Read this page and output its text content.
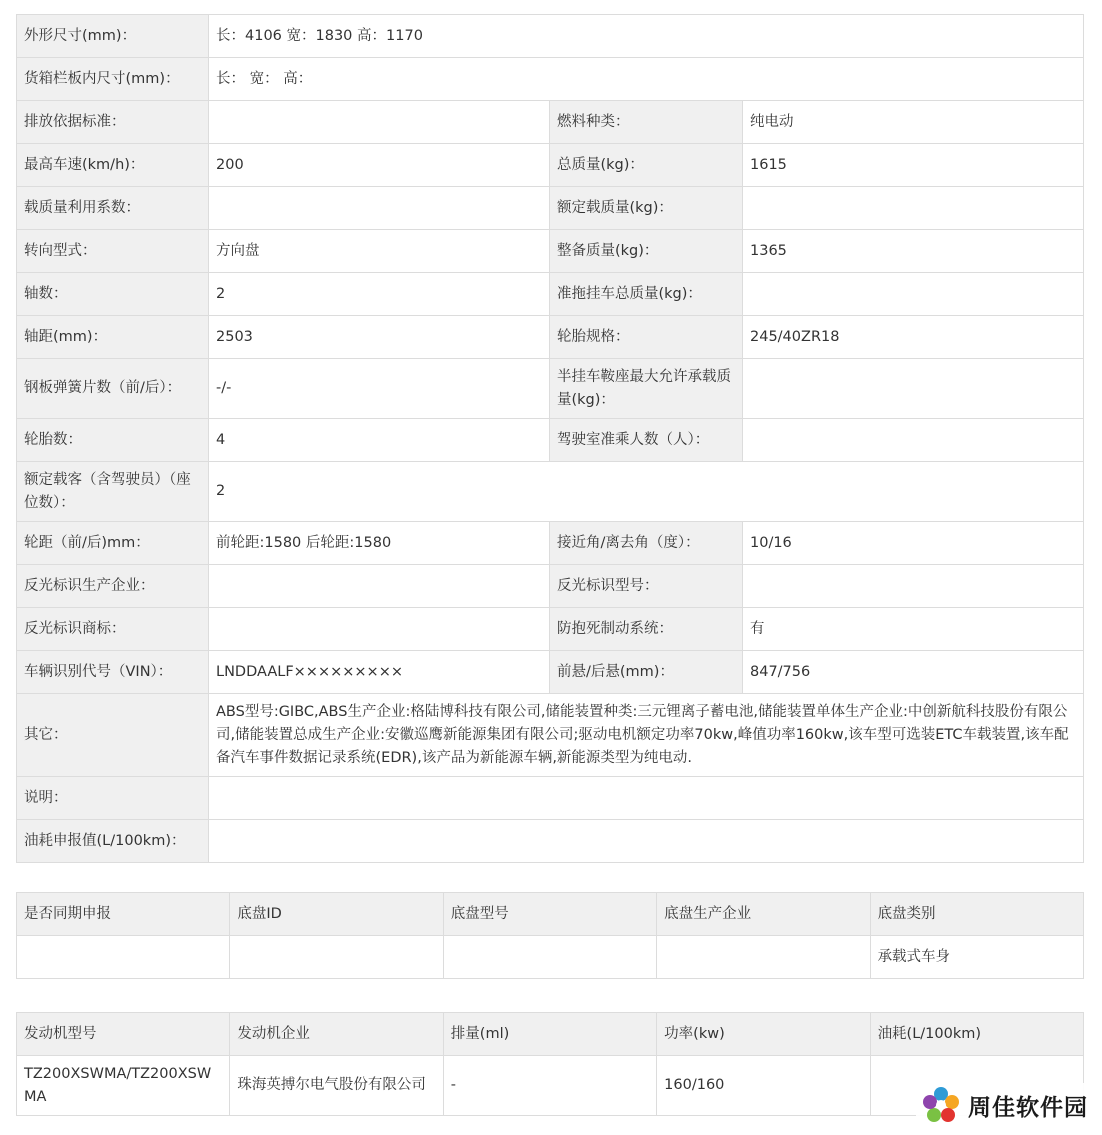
外形尺寸(mm)：	长：4106 宽：1830 高：1170		
货箱栏板内尺寸(mm)：	长： 宽： 高：		
排放依据标准：		燃料种类：	纯电动
最高车速(km/h)：	200	总质量(kg)：	1615
载质量利用系数：		额定载质量(kg)：	
转向型式：	方向盘	整备质量(kg)：	1365
轴数：	2	准拖挂车总质量(kg)：	
轴距(mm)：	2503	轮胎规格：	245/40ZR18
钢板弹簧片数（前/后）：	-/-	半挂车鞍座最大允许承载质量(kg)：	
轮胎数：	4	驾驶室准乘人数（人）：	
额定载客（含驾驶员）（座位数）：	2		
轮距（前/后)mm：	前轮距:1580 后轮距:1580	接近角/离去角（度）：	10/16
反光标识生产企业：		反光标识型号：	
反光标识商标：		防抱死制动系统：	有
车辆识别代号（VIN）：	LNDDAALF×××××××××	前悬/后悬(mm)：	847/756
其它：	ABS型号:GIBC,ABS生产企业:格陆博科技有限公司,储能装置种类:三元锂离子蓄电池,储能装置单体生产企业:中创新航科技股份有限公司,储能装置总成生产企业:安徽巡鹰新能源集团有限公司;驱动电机额定功率70kw,峰值功率160kw,该车型可选装ETC车载装置,该车配备汽车事件数据记录系统(EDR),该产品为新能源车辆,新能源类型为纯电动.		
说明：			
油耗申报值(L/100km)：			
是否同期申报	底盘ID	底盘型号	底盘生产企业	底盘类别
				承载式车身
发动机型号	发动机企业	排量(ml)	功率(kw)	油耗(L/100km)
TZ200XSWMA/TZ200XSWMA	珠海英搏尔电气股份有限公司	-	160/160	
周佳软件园
